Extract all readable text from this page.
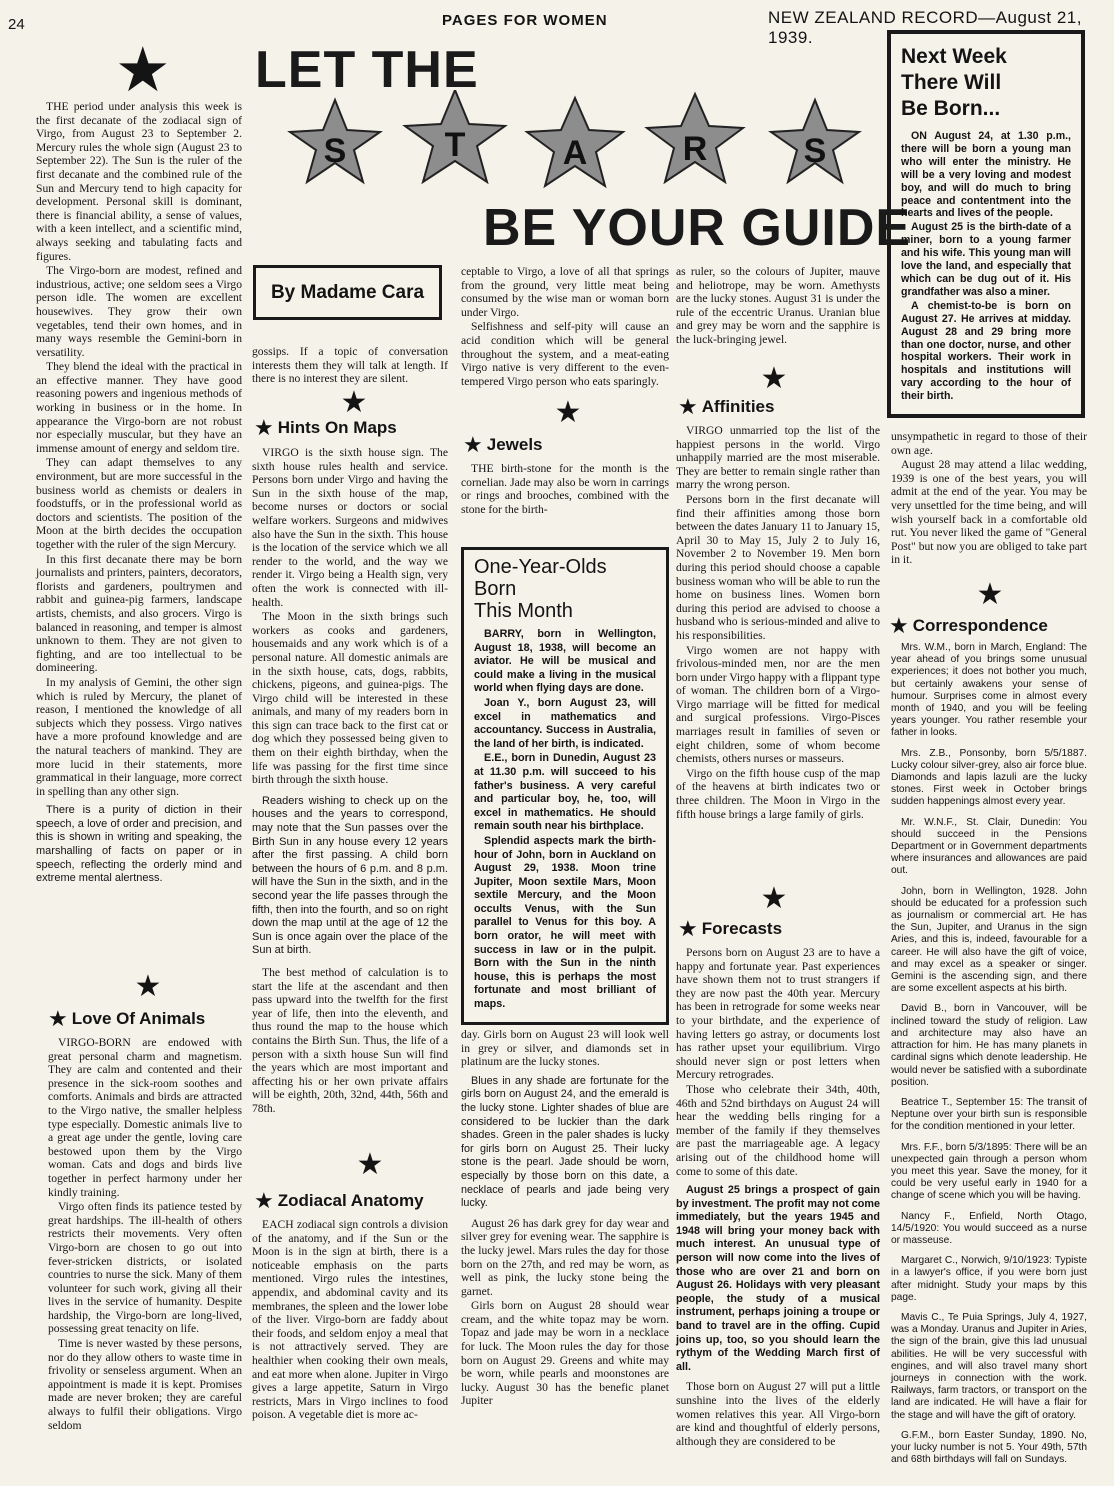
24	PAGES FOR WOMEN	NEW ZEALAND RECORD—August 21, 1939.
★ LET THE
S	T	A	R	S
BE YOUR GUIDE
By Madame Cara

THE period under analysis this week is the first decanate of the zodiacal sign of Virgo, from August 23 to September 2. Mercury rules the whole sign (August 23 to September 22). The Sun is the ruler of the first decanate and the combined rule of the Sun and Mercury tend to high capacity for development. Personal skill is dominant, there is financial ability, a sense of values, with a keen intellect, and a scientific mind, always seeking and tabulating facts and figures.

The Virgo-born are modest, refined and industrious, active; one seldom sees a Virgo person idle. The women are excellent housewives. They grow their own vegetables, tend their own homes, and in many ways resemble the Gemini-born in versatility.

They blend the ideal with the practical in an effective manner. They have good reasoning powers and ingenious methods of working in business or in the home. In appearance the Virgo-born are not robust nor especially muscular, but they have an immense amount of energy and seldom tire.

They can adapt themselves to any environment, but are more successful in the business world as chemists or dealers in foodstuffs, or in the professional world as doctors and scientists. The position of the Moon at the birth decides the occupation together with the ruler of the sign Mercury.

In this first decanate there may be born journalists and printers, painters, decorators, florists and gardeners, poultrymen and rabbit and guinea-pig farmers, landscape artists, chemists, and also grocers. Virgo is balanced in reasoning, and temper is almost unknown to them. They are not given to fighting, and are too intellectual to be domineering.

In my analysis of Gemini, the other sign which is ruled by Mercury, the planet of reason, I mentioned the knowledge of all subjects which they possess. Virgo natives have a more profound knowledge and are the natural teachers of mankind. They are more lucid in their statements, more grammatical in their language, more correct in spelling than any other sign.

There is a purity of diction in their speech, a love of order and precision, and this is shown in writing and speaking, the marshalling of facts on paper or in speech, reflecting the orderly mind and extreme mental alertness.

★
★ Love Of Animals

VIRGO-BORN are endowed with great personal charm and magnetism. They are calm and contented and their presence in the sick-room soothes and comforts. Animals and birds are attracted to the Virgo native, the smaller helpless type especially. Domestic animals live to a great age under the gentle, loving care bestowed upon them by the Virgo woman. Cats and dogs and birds live together in perfect harmony under her kindly training.

Virgo often finds its patience tested by great hardships. The ill-health of others restricts their movements. Very often Virgo-born are chosen to go out into fever-stricken districts, or isolated countries to nurse the sick. Many of them volunteer for such work, giving all their lives in the service of humanity. Despite hardship, the Virgo-born are long-lived, possessing great tenacity on life.

Time is never wasted by these persons, nor do they allow others to waste time in frivolity or senseless argument. When an appointment is made it is kept. Promises made are never broken; they are careful always to fulfil their obligations. Virgo seldom

gossips. If a topic of conversation interests them they will talk at length. If there is no interest they are silent.

★
★ Hints On Maps

VIRGO is the sixth house sign. The sixth house rules health and service. Persons born under Virgo and having the Sun in the sixth house of the map, become nurses or doctors or social welfare workers. Surgeons and midwives also have the Sun in the sixth. This house is the location of the service which we all render to the world, and the way we render it. Virgo being a Health sign, very often the work is connected with ill-health.

The Moon in the sixth brings such workers as cooks and gardeners, housemaids and any work which is of a personal nature. All domestic animals are in the sixth house, cats, dogs, rabbits, chickens, pigeons, and guinea-pigs. The Virgo child will be interested in these animals, and many of my readers born in this sign can trace back to the first cat or dog which they possessed being given to them on their eighth birthday, when the life was passing for the first time since birth through the sixth house.

Readers wishing to check up on the houses and the years to correspond, may note that the Sun passes over the Birth Sun in any house every 12 years after the first passing. A child born between the hours of 6 p.m. and 8 p.m. will have the Sun in the sixth, and in the second year the life passes through the fifth, then into the fourth, and so on right down the map until at the age of 12 the Sun is once again over the place of the Sun at birth.

The best method of calculation is to start the life at the ascendant and then pass upward into the twelfth for the first year of life, then into the eleventh, and thus round the map to the house which contains the Birth Sun. Thus, the life of a person with a sixth house Sun will find the years which are most important and affecting his or her own private affairs will be eighth, 20th, 32nd, 44th, 56th and 78th.

★
★ Zodiacal Anatomy

EACH zodiacal sign controls a division of the anatomy, and if the Sun or the Moon is in the sign at birth, there is a noticeable emphasis on the parts mentioned. Virgo rules the intestines, appendix, and abdominal cavity and its membranes, the spleen and the lower lobe of the liver. Virgo-born are faddy about their foods, and seldom enjoy a meal that is not attractively served. They are healthier when cooking their own meals, and eat more when alone. Jupiter in Virgo gives a large appetite, Saturn in Virgo restricts, Mars in Virgo inclines to food poison. A vegetable diet is more ac-

ceptable to Virgo, a love of all that springs from the ground, very little meat being consumed by the wise man or woman born under Virgo.

Selfishness and self-pity will cause an acid condition which will be general throughout the system, and a meat-eating Virgo native is very different to the even-tempered Virgo person who eats sparingly.

★
★ Jewels

THE birth-stone for the month is the cornelian. Jade may also be worn in carrings or rings and brooches, combined with the stone for the birth-

One-Year-Olds
Born
This Month

BARRY, born in Wellington, August 18, 1938, will become an aviator. He will be musical and could make a living in the musical world when flying days are done.

Joan Y., born August 23, will excel in mathematics and accountancy. Success in Australia, the land of her birth, is indicated.

E.E., born in Dunedin, August 23 at 11.30 p.m. will succeed to his father's business. A very careful and particular boy, he, too, will excel in mathematics. He should remain south near his birthplace.

Splendid aspects mark the birth-hour of John, born in Auckland on August 29, 1938. Moon trine Jupiter, Moon sextile Mars, Moon sextile Mercury, and the Moon occults Venus, with the Sun parallel to Venus for this boy. A born orator, he will meet with success in law or in the pulpit. Born with the Sun in the ninth house, this is perhaps the most fortunate and most brilliant of maps.

day. Girls born on August 23 will look well in grey or silver, and diamonds set in platinum are the lucky stones.

Blues in any shade are fortunate for the girls born on August 24, and the emerald is the lucky stone. Lighter shades of blue are considered to be luckier than the dark shades. Green in the paler shades is lucky for girls born on August 25. Their lucky stone is the pearl. Jade should be worn, especially by those born on this date, a necklace of pearls and jade being very lucky.

August 26 has dark grey for day wear and silver grey for evening wear. The sapphire is the lucky jewel. Mars rules the day for those born on the 27th, and red may be worn, as well as pink, the lucky stone being the garnet.

Girls born on August 28 should wear cream, and the white topaz may be worn. Topaz and jade may be worn in a necklace for luck. The Moon rules the day for those born on August 29. Greens and white may be worn, while pearls and moonstones are lucky. August 30 has the benefic planet Jupiter

as ruler, so the colours of Jupiter, mauve and heliotrope, may be worn. Amethysts are the lucky stones. August 31 is under the rule of the eccentric Uranus. Uranian blue and grey may be worn and the sapphire is the luck-bringing jewel.

★
★ Affinities

VIRGO unmarried top the list of the happiest persons in the world. Virgo unhappily married are the most miserable. They are better to remain single rather than marry the wrong person.

Persons born in the first decanate will find their affinities among those born between the dates January 11 to January 15, April 30 to May 15, July 2 to July 16, November 2 to November 19. Men born during this period should choose a capable business woman who will be able to run the home on business lines. Women born during this period are advised to choose a husband who is serious-minded and alive to his responsibilities.

Virgo women are not happy with frivolous-minded men, nor are the men born under Virgo happy with a flippant type of woman. The children born of a Virgo-Virgo marriage will be fitted for medical and surgical professions. Virgo-Pisces marriages result in families of seven or eight children, some of whom become chemists, others nurses or masseurs.

Virgo on the fifth house cusp of the map of the heavens at birth indicates two or three children. The Moon in Virgo in the fifth house brings a large family of girls.

★
★ Forecasts

Persons born on August 23 are to have a happy and fortunate year. Past experiences have shown them not to trust strangers if they are now past the 40th year. Mercury has been in retrograde for some weeks near to your birthdate, and the experience of having letters go astray, or documents lost has rather upset your equilibrium. Virgo should never sign or post letters when Mercury retrogrades.

Those who celebrate their 34th, 40th, 46th and 52nd birthdays on August 24 will hear the wedding bells ringing for a member of the family if they themselves are past the marriageable age. A legacy arising out of the childhood home will come to some of this date.

August 25 brings a prospect of gain by investment. The profit may not come immediately, but the years 1945 and 1948 will bring your money back with much interest. An unusual type of person will now come into the lives of those who are over 21 and born on August 26. Holidays with very pleasant people, the study of a musical instrument, perhaps joining a troupe or band to travel are in the offing. Cupid joins up, too, so you should learn the rythym of the Wedding March first of all.

Those born on August 27 will put a little sunshine into the lives of the elderly women relatives this year. All Virgo-born are kind and thoughtful of elderly persons, although they are considered to be

Next Week
There Will
Be Born...

ON August 24, at 1.30 p.m., there will be born a young man who will enter the ministry. He will be a very loving and modest boy, and will do much to bring peace and contentment into the hearts and lives of the people.

August 25 is the birth-date of a miner, born to a young farmer and his wife. This young man will love the land, and especially that which can be dug out of it. His grandfather was also a miner.

A chemist-to-be is born on August 27. He arrives at midday. August 28 and 29 bring more than one doctor, nurse, and other hospital workers. Their work in hospitals and institutions will vary according to the hour of their birth.

unsympathetic in regard to those of their own age.

August 28 may attend a lilac wedding, 1939 is one of the best years, you will admit at the end of the year. You may be very unsettled for the time being, and will wish yourself back in a comfortable old rut. You never liked the game of "General Post" but now you are obliged to take part in it.

★
★ Correspondence

Mrs. W.M., born in March, England: The year ahead of you brings some unusual experiences; it does not bother you much, but certainly awakens your sense of humour. Surprises come in almost every month of 1940, and you will be feeling years younger. You rather resemble your father in looks.

Mrs. Z.B., Ponsonby, born 5/5/1887. Lucky colour silver-grey, also air force blue. Diamonds and lapis lazuli are the lucky stones. First week in October brings sudden happenings almost every year.

Mr. W.N.F., St. Clair, Dunedin: You should succeed in the Pensions Department or in Government departments where insurances and allowances are paid out.

John, born in Wellington, 1928. John should be educated for a profession such as journalism or commercial art. He has the Sun, Jupiter, and Uranus in the sign Aries, and this is, indeed, favourable for a career. He will also have the gift of voice, and may excel as a speaker or singer. Gemini is the ascending sign, and there are some excellent aspects at his birth.

David B., born in Vancouver, will be inclined toward the study of religion. Law and architecture may also have an attraction for him. He has many planets in cardinal signs which denote leadership. He would never be satisfied with a subordinate position.

Beatrice T., September 15: The transit of Neptune over your birth sun is responsible for the condition mentioned in your letter.

Mrs. F.F., born 5/3/1895: There will be an unexpected gain through a person whom you meet this year. Save the money, for it could be very useful early in 1940 for a change of scene which you will be having.

Nancy F., Enfield, North Otago, 14/5/1920: You would succeed as a nurse or masseuse.

Margaret C., Norwich, 9/10/1923: Typiste in a lawyer's office, if you were born just after midnight. Study your maps by this page.

Mavis C., Te Puia Springs, July 4, 1927, was a Monday. Uranus and Jupiter in Aries, the sign of the brain, give this lad unusual abilities. He will be very successful with engines, and will also travel many short journeys in connection with the work. Railways, farm tractors, or transport on the land are indicated. He will have a flair for the stage and will have the gift of oratory.

G.F.M., born Easter Sunday, 1890. No, your lucky number is not 5. Your 49th, 57th and 68th birthdays will fall on Sundays.
